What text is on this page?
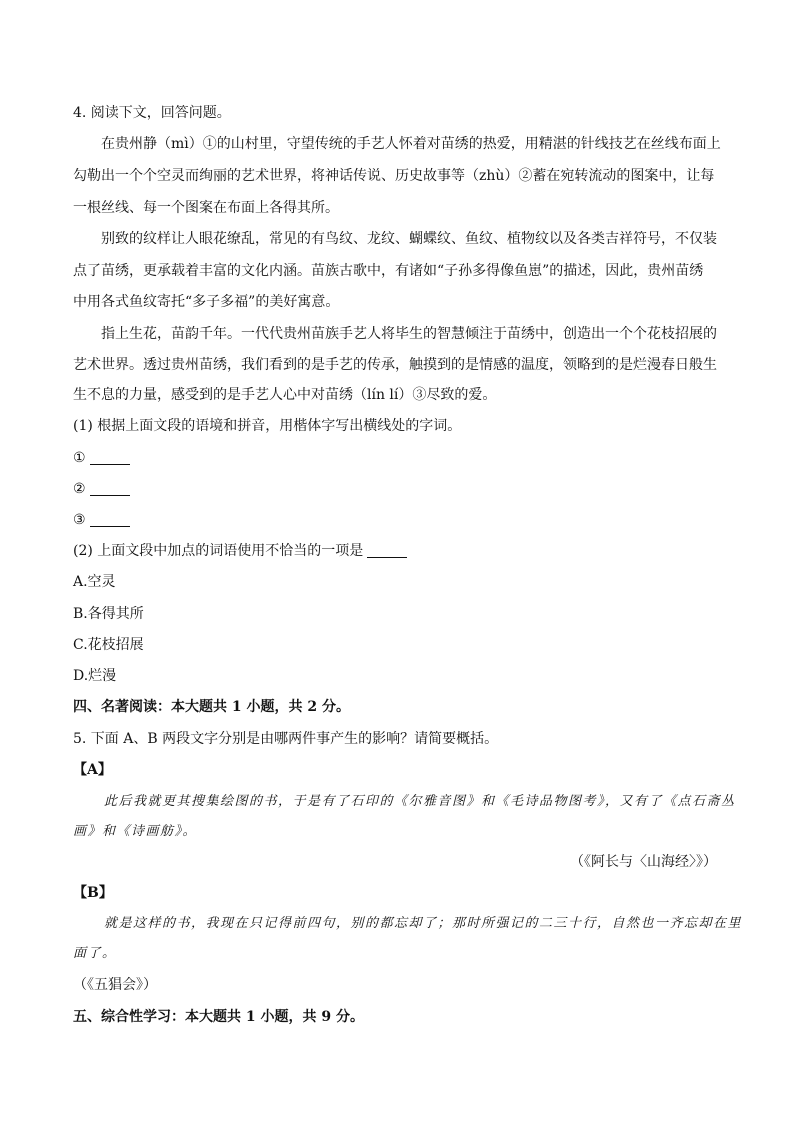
4. 阅读下文，回答问题。
在贵州静（mì）①的山村里，守望传统的手艺人怀着对苗绣的热爱，用精湛的针线技艺在丝线布面上
勾勒出一个个空灵而绚丽的艺术世界，将神话传说、历史故事等（zhù）②蓄在宛转流动的图案中，让每
一根丝线、每一个图案在布面上各得其所。
别致的纹样让人眼花缭乱，常见的有鸟纹、龙纹、蝴蝶纹、鱼纹、植物纹以及各类吉祥符号，不仅装
点了苗绣，更承载着丰富的文化内涵。苗族古歌中，有诸如“子孙多得像鱼崽”的描述，因此，贵州苗绣
中用各式鱼纹寄托“多子多福”的美好寓意。
指上生花，苗韵千年。一代代贵州苗族手艺人将毕生的智慧倾注于苗绣中，创造出一个个花枝招展的
艺术世界。透过贵州苗绣，我们看到的是手艺的传承，触摸到的是情感的温度，领略到的是烂漫春日般生
生不息的力量，感受到的是手艺人心中对苗绣（lín lí）③尽致的爱。
(1) 根据上面文段的语境和拼音，用楷体字写出横线处的字词。
①
②
③
(2) 上面文段中加点的词语使用不恰当的一项是
A.空灵
B.各得其所
C.花枝招展
D.烂漫
四、名著阅读：本大题共 1 小题，共 2 分。
5. 下面 A、B 两段文字分别是由哪两件事产生的影响？请简要概括。
【A】
此后我就更其搜集绘图的书，于是有了石印的《尔雅音图》和《毛诗品物图考》，又有了《点石斋丛
画》和《诗画舫》。
（《阿长与〈山海经〉》）
【B】
就是这样的书，我现在只记得前四句，别的都忘却了；那时所强记的二三十行，自然也一齐忘却在里
面了。
（《五猖会》）
五、综合性学习：本大题共 1 小题，共 9 分。
